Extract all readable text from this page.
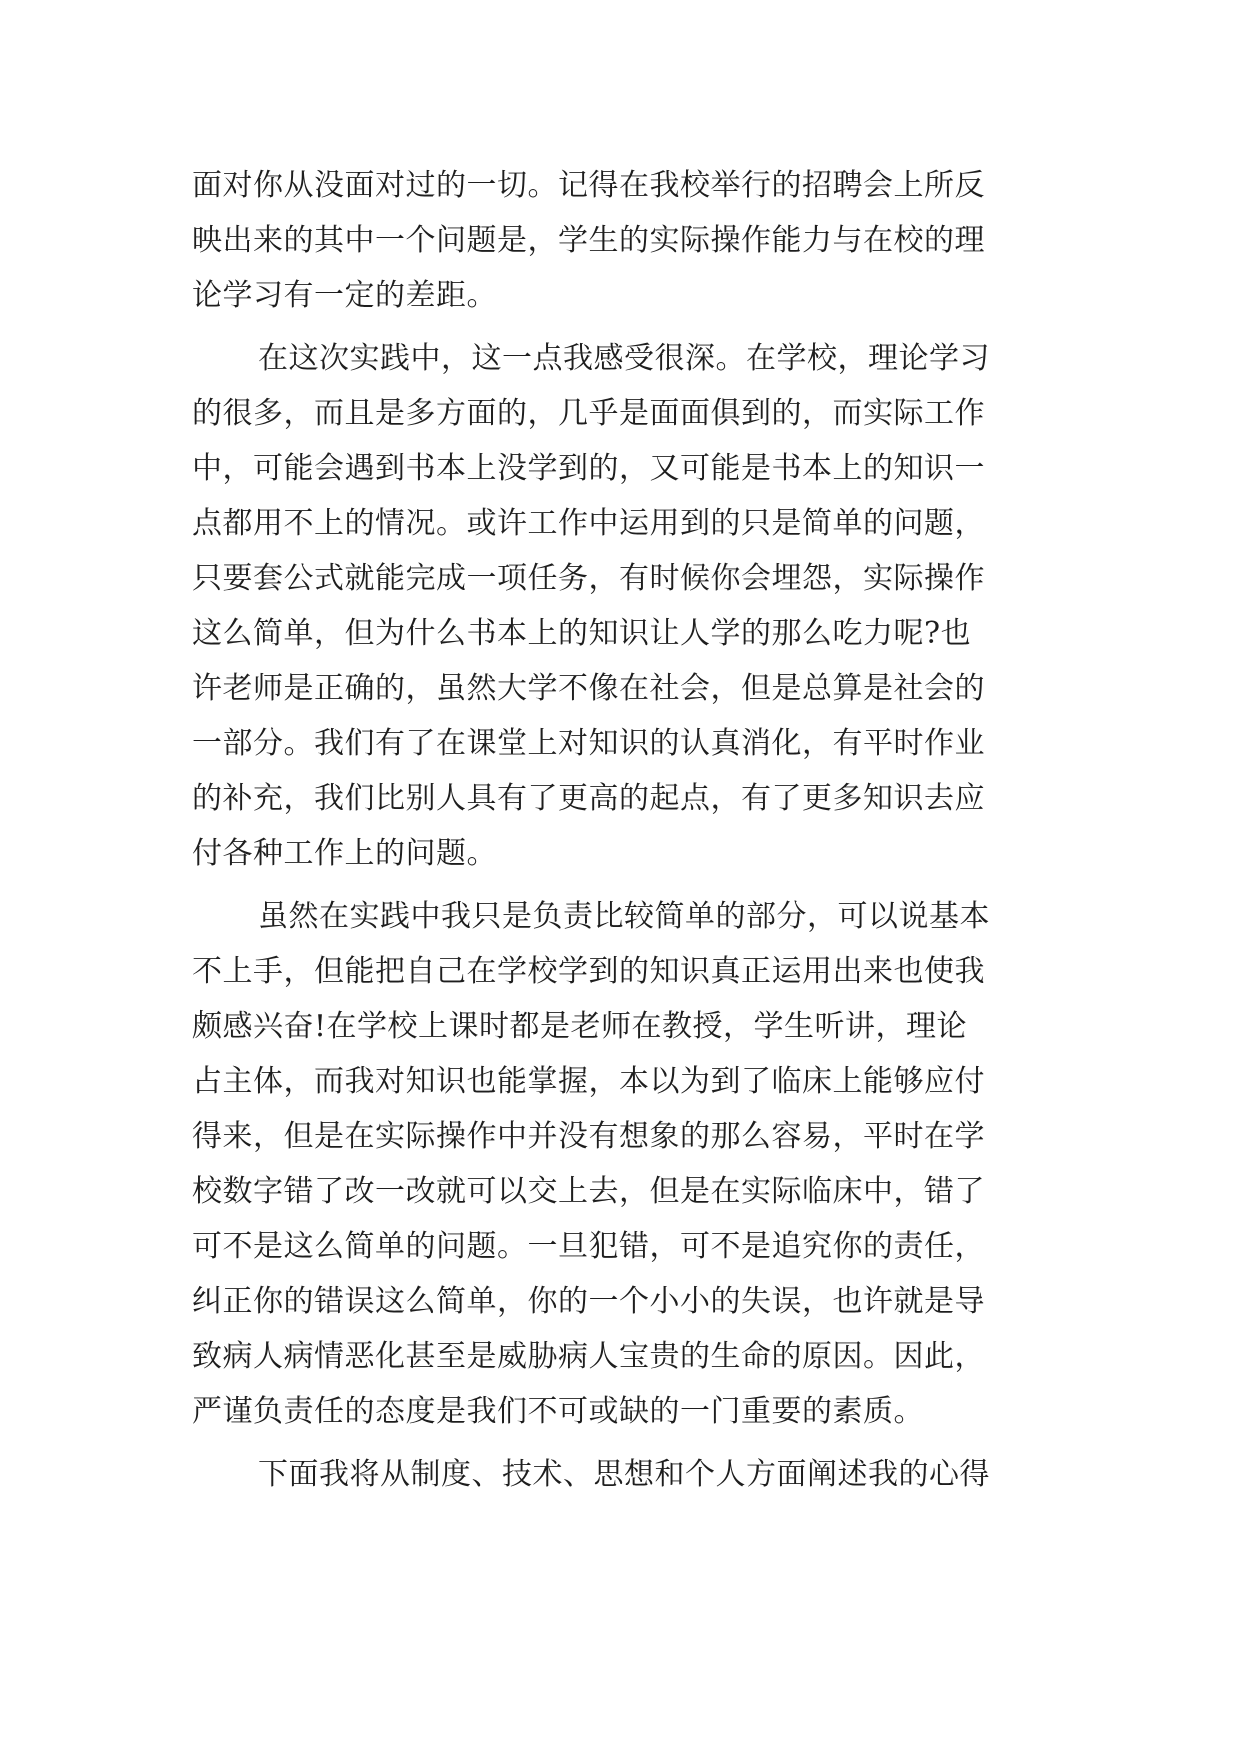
面对你从没面对过的一切。记得在我校举行的招聘会上所反
映出来的其中一个问题是，学生的实际操作能力与在校的理
论学习有一定的差距。
在这次实践中，这一点我感受很深。在学校，理论学习
的很多，而且是多方面的，几乎是面面俱到的，而实际工作
中，可能会遇到书本上没学到的，又可能是书本上的知识一
点都用不上的情况。或许工作中运用到的只是简单的问题，
只要套公式就能完成一项任务，有时候你会埋怨，实际操作
这么简单，但为什么书本上的知识让人学的那么吃力呢?也
许老师是正确的，虽然大学不像在社会，但是总算是社会的
一部分。我们有了在课堂上对知识的认真消化，有平时作业
的补充，我们比别人具有了更高的起点，有了更多知识去应
付各种工作上的问题。
虽然在实践中我只是负责比较简单的部分，可以说基本
不上手，但能把自己在学校学到的知识真正运用出来也使我
颇感兴奋!在学校上课时都是老师在教授，学生听讲，理论
占主体，而我对知识也能掌握，本以为到了临床上能够应付
得来，但是在实际操作中并没有想象的那么容易，平时在学
校数字错了改一改就可以交上去，但是在实际临床中，错了
可不是这么简单的问题。一旦犯错，可不是追究你的责任，
纠正你的错误这么简单，你的一个小小的失误，也许就是导
致病人病情恶化甚至是威胁病人宝贵的生命的原因。因此，
严谨负责任的态度是我们不可或缺的一门重要的素质。
下面我将从制度、技术、思想和个人方面阐述我的心得
